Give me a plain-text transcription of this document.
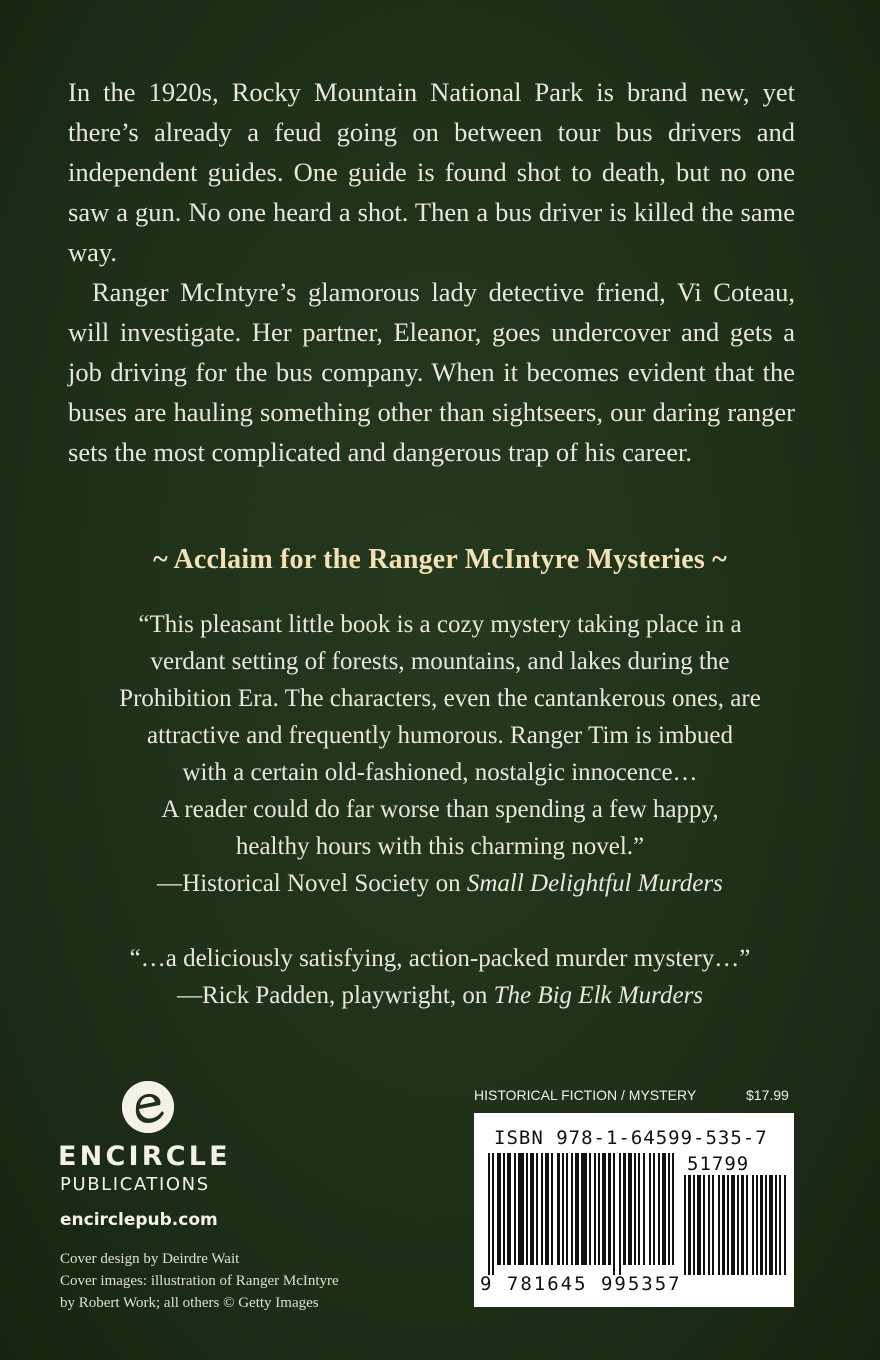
In the 1920s, Rocky Mountain National Park is brand new, yet there’s already a feud going on between tour bus drivers and independent guides. One guide is found shot to death, but no one saw a gun. No one heard a shot. Then a bus driver is killed the same way.

Ranger McIntyre’s glamorous lady detective friend, Vi Coteau, will investigate. Her partner, Eleanor, goes undercover and gets a job driving for the bus company. When it becomes evident that the buses are hauling something other than sightseers, our daring ranger sets the most complicated and dangerous trap of his career.

~ Acclaim for the Ranger McIntyre Mysteries ~
“This pleasant little book is a cozy mystery taking place in a
verdant setting of forests, mountains, and lakes during the
Prohibition Era. The characters, even the cantankerous ones, are
attractive and frequently humorous. Ranger Tim is imbued
with a certain old-fashioned, nostalgic innocence…
A reader could do far worse than spending a few happy,
healthy hours with this charming novel.”
—Historical Novel Society on Small Delightful Murders
“…a deliciously satisfying, action-packed murder mystery…”
—Rick Padden, playwright, on The Big Elk Murders
ENCIRCLE
PUBLICATIONS
encirclepub.com
Cover design by Deirdre Wait
Cover images: illustration of Ranger McIntyre
by Robert Work; all others © Getty Images
HISTORICAL FICTION / MYSTERY	$17.99
ISBN 978-1-64599-535-7
51799
9 781645 995357
